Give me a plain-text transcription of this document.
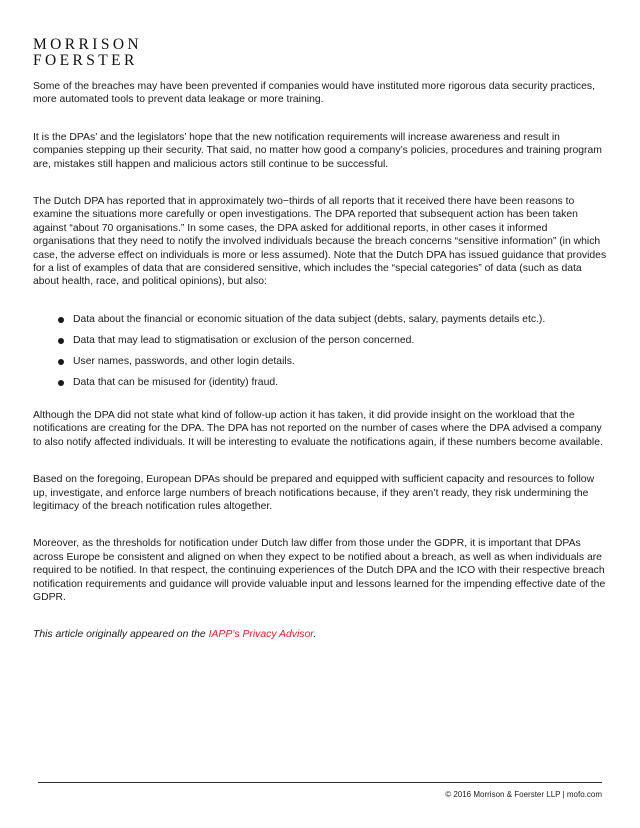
MORRISON
FOERSTER

Some of the breaches may have been prevented if companies would have instituted more rigorous data security practices, more automated tools to prevent data leakage or more training.

It is the DPAs’ and the legislators’ hope that the new notification requirements will increase awareness and result in companies stepping up their security. That said, no matter how good a company’s policies, procedures and training program are, mistakes still happen and malicious actors still continue to be successful.

The Dutch DPA has reported that in approximately two−thirds of all reports that it received there have been reasons to examine the situations more carefully or open investigations. The DPA reported that subsequent action has been taken against “about 70 organisations.” In some cases, the DPA asked for additional reports, in other cases it informed organisations that they need to notify the involved individuals because the breach concerns “sensitive information” (in which case, the adverse effect on individuals is more or less assumed). Note that the Dutch DPA has issued guidance that provides for a list of examples of data that are considered sensitive, which includes the “special categories” of data (such as data about health, race, and political opinions), but also:

Data about the financial or economic situation of the data subject (debts, salary, payments details etc.).
Data that may lead to stigmatisation or exclusion of the person concerned.
User names, passwords, and other login details.
Data that can be misused for (identity) fraud.

Although the DPA did not state what kind of follow-up action it has taken, it did provide insight on the workload that the notifications are creating for the DPA. The DPA has not reported on the number of cases where the DPA advised a company to also notify affected individuals. It will be interesting to evaluate the notifications again, if these numbers become available.

Based on the foregoing, European DPAs should be prepared and equipped with sufficient capacity and resources to follow up, investigate, and enforce large numbers of breach notifications because, if they aren’t ready, they risk undermining the legitimacy of the breach notification rules altogether.

Moreover, as the thresholds for notification under Dutch law differ from those under the GDPR, it is important that DPAs across Europe be consistent and aligned on when they expect to be notified about a breach, as well as when individuals are required to be notified. In that respect, the continuing experiences of the Dutch DPA and the ICO with their respective breach notification requirements and guidance will provide valuable input and lessons learned for the impending effective date of the GDPR.

This article originally appeared on the IAPP’s Privacy Advisor.

© 2016 Morrison & Foerster LLP | mofo.com
